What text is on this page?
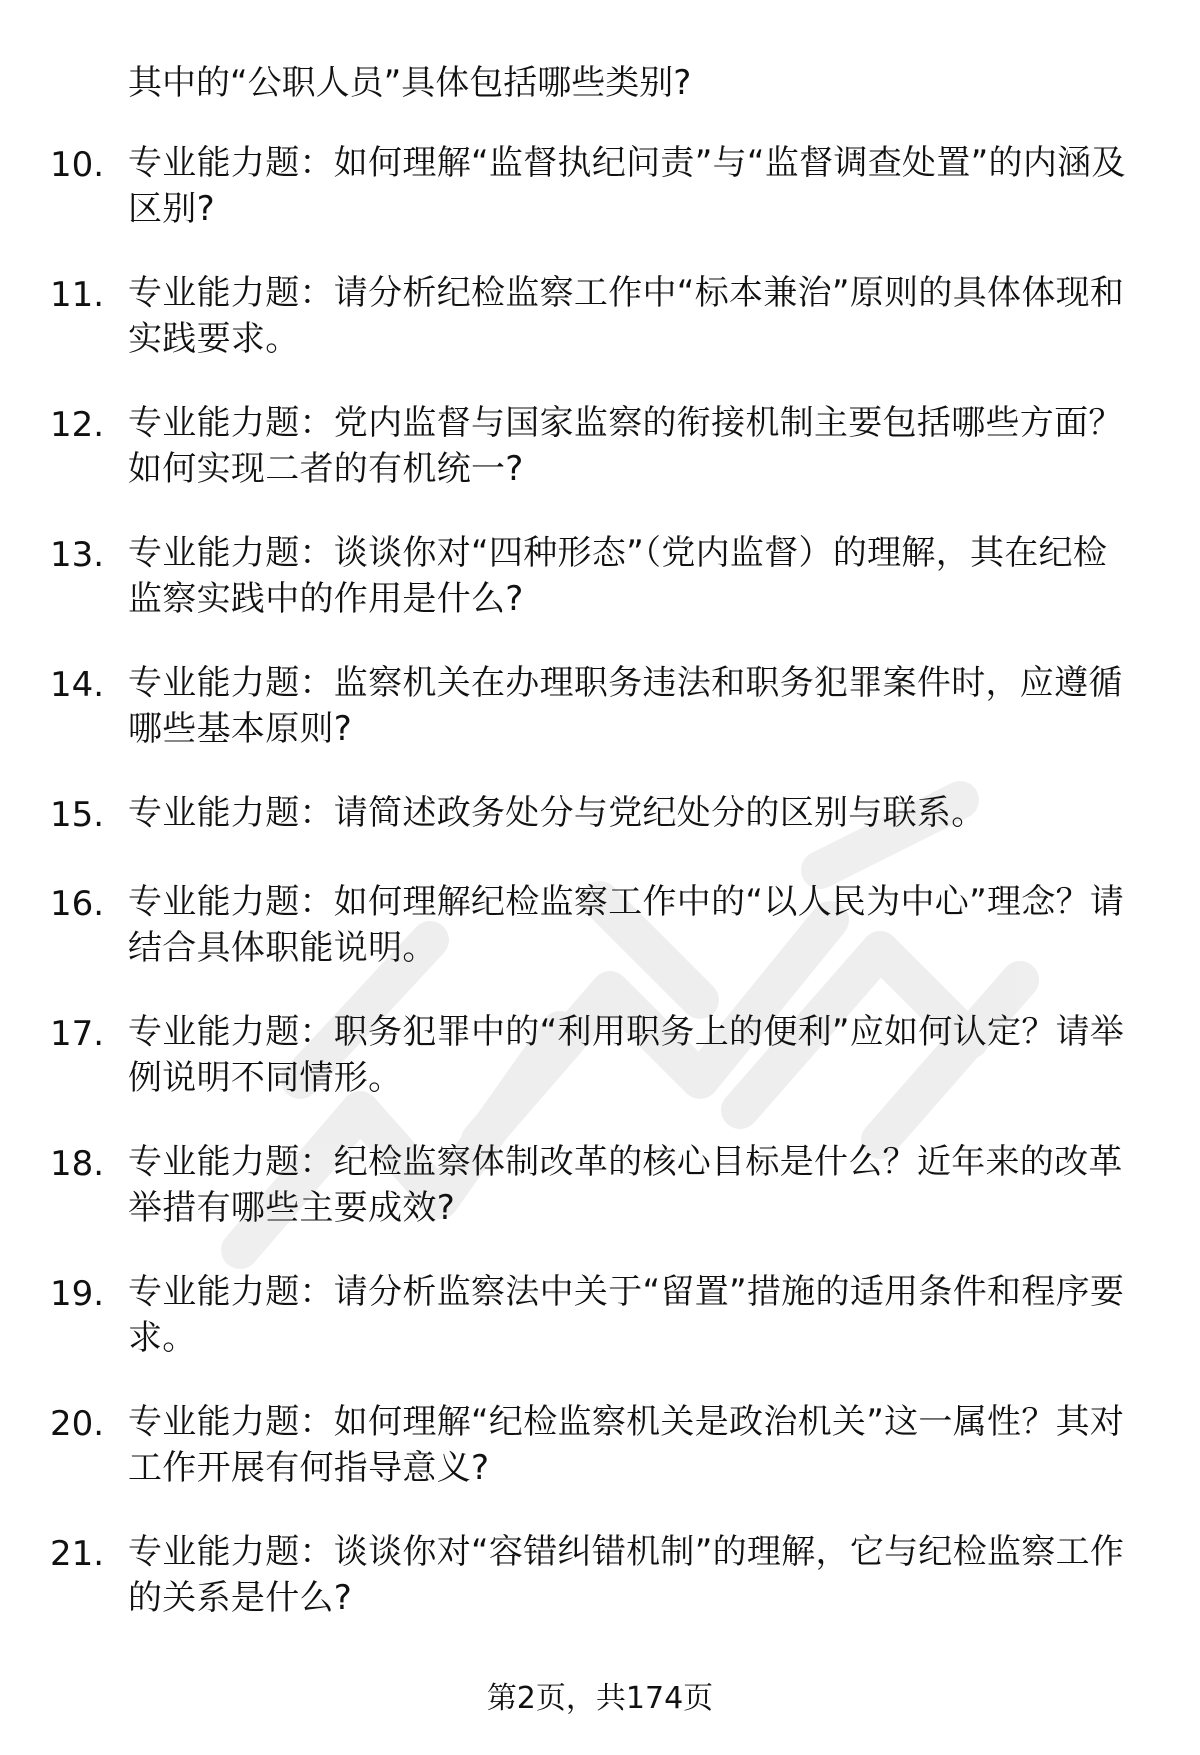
其中的“公职人员”具体包括哪些类别?

10. 专业能力题：如何理解“监督执纪问责”与“监督调查处置”的内涵及区别?
11. 专业能力题：请分析纪检监察工作中“标本兼治”原则的具体体现和实践要求。
12. 专业能力题：党内监督与国家监察的衔接机制主要包括哪些方面？如何实现二者的有机统一?
13. 专业能力题：谈谈你对“四种形态”（党内监督）的理解，其在纪检监察实践中的作用是什么?
14. 专业能力题：监察机关在办理职务违法和职务犯罪案件时，应遵循哪些基本原则?
15. 专业能力题：请简述政务处分与党纪处分的区别与联系。
16. 专业能力题：如何理解纪检监察工作中的“以人民为中心”理念？请结合具体职能说明。
17. 专业能力题：职务犯罪中的“利用职务上的便利”应如何认定？请举例说明不同情形。
18. 专业能力题：纪检监察体制改革的核心目标是什么？近年来的改革举措有哪些主要成效?
19. 专业能力题：请分析监察法中关于“留置”措施的适用条件和程序要求。
20. 专业能力题：如何理解“纪检监察机关是政治机关”这一属性？其对工作开展有何指导意义?
21. 专业能力题：谈谈你对“容错纠错机制”的理解，它与纪检监察工作的关系是什么?
第2页，共174页
